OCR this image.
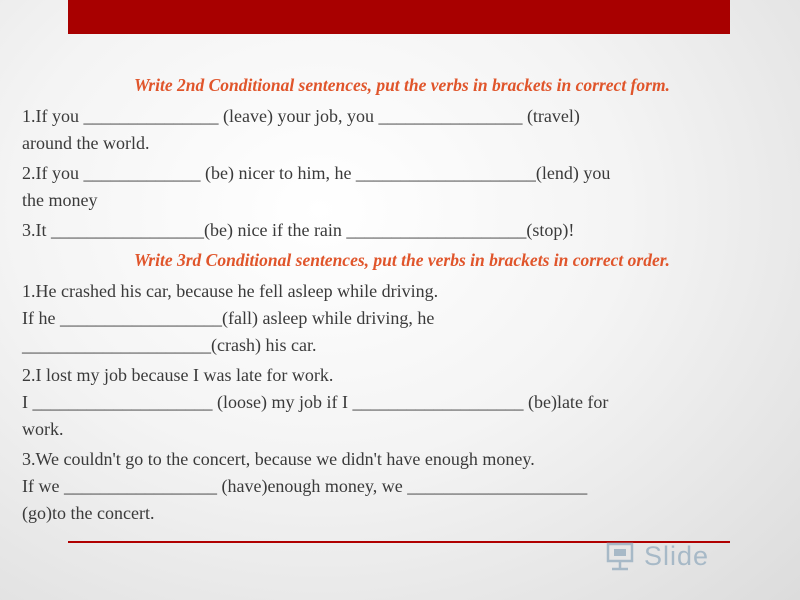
Write 2nd Conditional sentences, put the verbs in brackets in correct form.
1.If you _______________ (leave) your job, you ________________ (travel)
around the world.
2.If you _____________ (be) nicer to him, he ____________________(lend) you
the money
3.It _________________(be) nice if the rain ____________________(stop)!
Write 3rd Conditional sentences, put the verbs in brackets in correct order.
1.He crashed his car, because he fell asleep while driving.
If he __________________(fall) asleep while driving, he
_____________________(crash) his car.
2.I lost my job because I was late for work.
I ____________________ (loose) my job if I ___________________ (be)late for
work.
3.We couldn't go to the concert, because we didn't have enough money.
If we _________________ (have)enough money, we ____________________
(go)to the concert.
Slide
